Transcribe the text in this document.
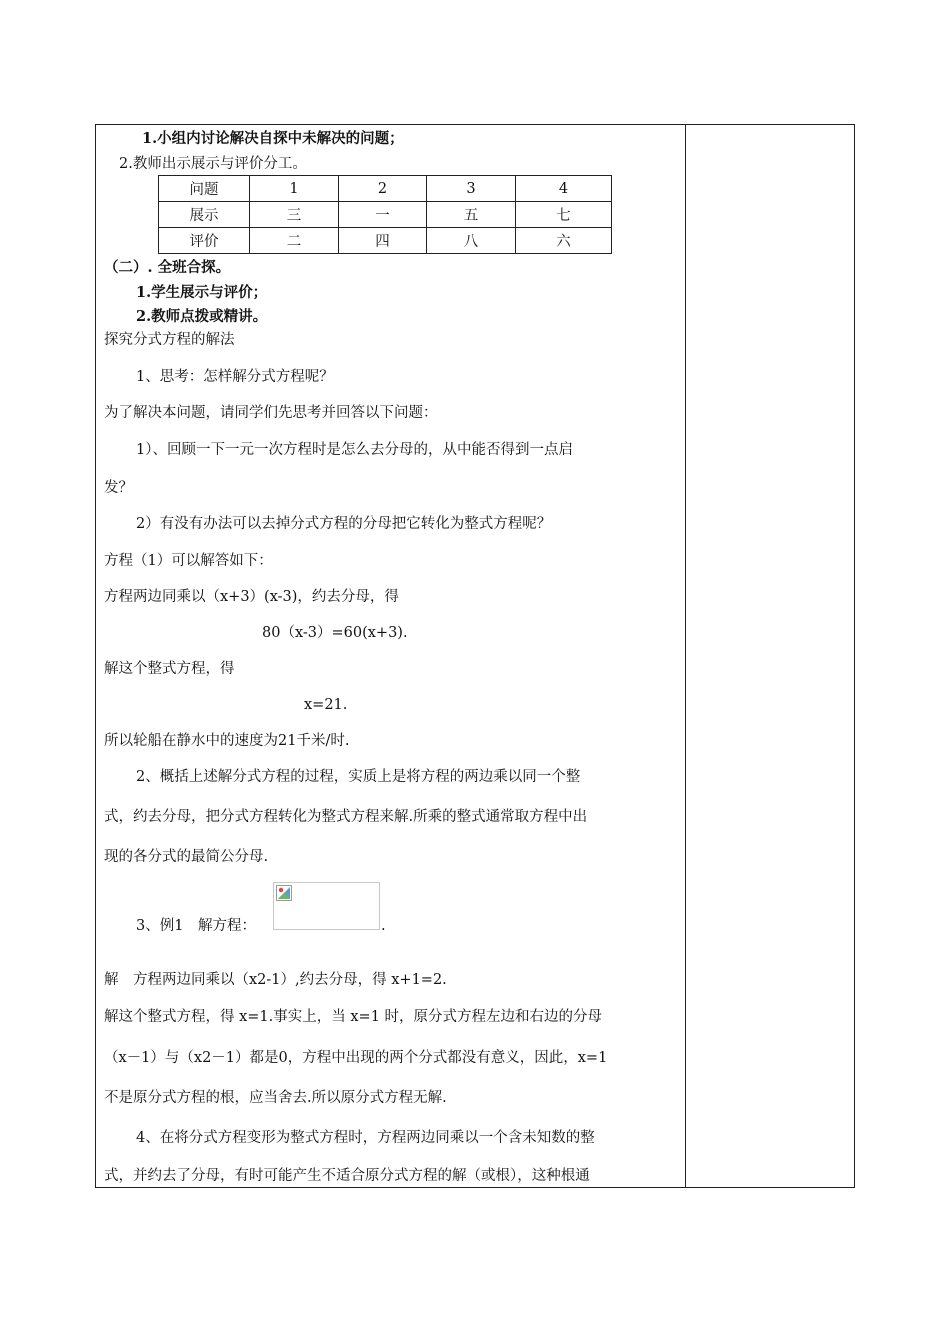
1.小组内讨论解决自探中未解决的问题；
2.教师出示展示与评价分工。
问题	1	2	3	4
展示	三	一	五	七
评价	二	四	八	六
（二）. 全班合探。
1.学生展示与评价；
2.教师点拨或精讲。
探究分式方程的解法
1、思考：怎样解分式方程呢？
为了解决本问题，请同学们先思考并回答以下问题：
1）、回顾一下一元一次方程时是怎么去分母的，从中能否得到一点启
发？
2）有没有办法可以去掉分式方程的分母把它转化为整式方程呢？
方程（1）可以解答如下：
方程两边同乘以（x+3）(x-3)，约去分母，得
80（x-3）=60(x+3).
解这个整式方程，得
x=21.
所以轮船在静水中的速度为21千米/时.
2、概括上述解分式方程的过程，实质上是将方程的两边乘以同一个整
式，约去分母，把分式方程转化为整式方程来解.所乘的整式通常取方程中出
现的各分式的最简公分母.
3、例1　解方程：	.
解　方程两边同乘以（x2-1）,约去分母，得 x+1=2.
解这个整式方程，得 x=1.事实上，当 x=1 时，原分式方程左边和右边的分母
（x－1）与（x2－1）都是0，方程中出现的两个分式都没有意义，因此，x=1
不是原分式方程的根，应当舍去.所以原分式方程无解.
4、在将分式方程变形为整式方程时，方程两边同乘以一个含未知数的整
式，并约去了分母，有时可能产生不适合原分式方程的解（或根），这种根通
